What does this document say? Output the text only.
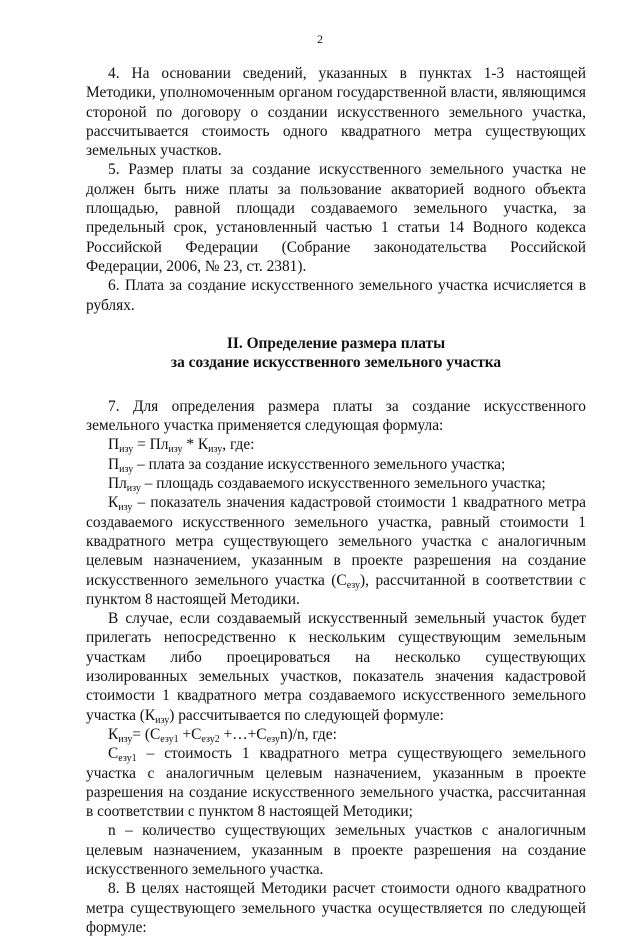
2

4. На основании сведений, указанных в пунктах 1-3 настоящей Методики, уполномоченным органом государственной власти, являющимся стороной по договору о создании искусственного земельного участка, рассчитывается стоимость одного квадратного метра существующих земельных участков.

5. Размер платы за создание искусственного земельного участка не должен быть ниже платы за пользование акваторией водного объекта площадью, равной площади создаваемого земельного участка, за предельный срок, установленный частью 1 статьи 14 Водного кодекса Российской Федерации (Собрание законодательства Российской Федерации, 2006, № 23, ст. 2381).

6. Плата за создание искусственного земельного участка исчисляется в рублях.

II. Определение размера платы

за создание искусственного земельного участка

7. Для определения размера платы за создание искусственного земельного участка применяется следующая формула:

$П_{изу} = Пл_{изу} * К_{изу}$, где:

$П_{изу}$ – плата за создание искусственного земельного участка;

$Пл_{изу}$ – площадь создаваемого искусственного земельного участка;

$К_{изу}$ – показатель значения кадастровой стоимости 1 квадратного метра создаваемого искусственного земельного участка, равный стоимости 1 квадратного метра существующего земельного участка с аналогичным целевым назначением, указанным в проекте разрешения на создание искусственного земельного участка $(С_{езу})$, рассчитанной в соответствии с пунктом 8 настоящей Методики.

В случае, если создаваемый искусственный земельный участок будет прилегать непосредственно к нескольким существующим земельным участкам либо проецироваться на несколько существующих изолированных земельных участков, показатель значения кадастровой стоимости 1 квадратного метра создаваемого искусственного земельного участка $(К_{изу})$ рассчитывается по следующей формуле:

$К_{изу}= (С_{езу1} +С_{езу2}$ $+\dots+С_{езу}n)/n$, где:

$С_{езу1}$ – стоимость 1 квадратного метра существующего земельного участка с аналогичным целевым назначением, указанным в проекте разрешения на создание искусственного земельного участка, рассчитанная в соответствии с пунктом 8 настоящей Методики;

n – количество существующих земельных участков с аналогичным целевым назначением, указанным в проекте разрешения на создание искусственного земельного участка.

8. В целях настоящей Методики расчет стоимости одного квадратного метра существующего земельного участка осуществляется по следующей формуле:
